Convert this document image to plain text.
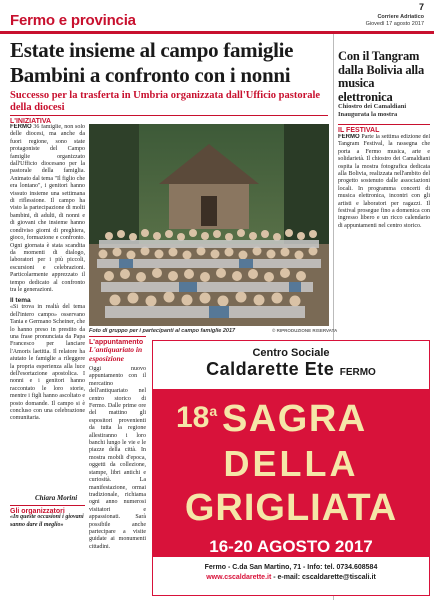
7
Fermo e provincia	Corriere Adriatico
Giovedì 17 agosto 2017
Estate insieme al campo famiglie
Bambini a confronto con i nonni
Successo per la trasferta in Umbria organizzata dall'Ufficio pastorale della diocesi
L'INIZIATIVA
FERMO 36 famiglie, non solo delle diocesi, ma anche da fuori regione, sono state protagoniste del Campo famiglie organizzato dall'Ufficio diocesano per la pastorale della famiglia. Animato dal tema "Il figlio che era lontano", i genitori hanno vissuto insieme una settimana di riflessione. Il campo ha visto la partecipazione di molti bambini, di adulti, di nonni e di giovani che insieme hanno condiviso giorni di preghiera, gioco, formazione e confronto. Ogni giornata è stata scandita da momenti di dialogo, laboratori per i più piccoli, escursioni e celebrazioni. Particolarmente apprezzato il tempo dedicato al confronto tra le generazioni.
Il tema
«Si trova in realtà del tema dell'intero campo» osservano Tania e Germano Scheiner, che lo hanno preso in prestito da una frase pronunciata da Papa Francesco per lanciare l'Amoris laetitia. Il relatore ha aiutato le famiglie a rileggere la propria esperienza alla luce dell'esortazione apostolica. I nonni e i genitori hanno raccontato le loro storie, mentre i figli hanno ascoltato e posto domande. Il campo si è concluso con una celebrazione comunitaria.
Foto di gruppo per i partecipanti al campo famiglie 2017	© RIPRODUZIONE RISERVATA
Chiara Morini
Gli organizzatori
«In queste occasioni i giovani sanno dare il meglio»
Con il Tangram dalla Bolivia alla musica elettronica
Chiostro dei Camaldiani Inaugurata la mostra
IL FESTIVAL
FERMO Parte la settima edizione del Tangram Festival, la rassegna che porta a Fermo musica, arte e solidarietà. Il chiostro dei Camaldiani ospita la mostra fotografica dedicata alla Bolivia, realizzata nell'ambito del progetto sostenuto dalle associazioni locali. In programma concerti di musica elettronica, incontri con gli artisti e laboratori per ragazzi. Il festival prosegue fino a domenica con ingresso libero e un ricco calendario di appuntamenti nel centro storico.
L'appuntamento
L'antiquariato in esposizione
Oggi nuovo appuntamento con il mercatino dell'antiquariato nel centro storico di Fermo. Dalle prime ore del mattino gli espositori provenienti da tutta la regione allestiranno i loro banchi lungo le vie e le piazze della città. In mostra mobili d'epoca, oggetti da collezione, stampe, libri antichi e curiosità. La manifestazione, ormai tradizionale, richiama ogni anno numerosi visitatori e appassionati. Sarà possibile anche partecipare a visite guidate ai monumenti cittadini.
Centro Sociale
Caldarette Ete FERMO
18$^a$ SAGRA
DELLA
GRIGLIATA
16-20 AGOSTO 2017
Fermo - C.da San Martino, 71 - Info: tel. 0734.608584
www.cscaldarette.it - e-mail: cscaldarette@tiscali.it
